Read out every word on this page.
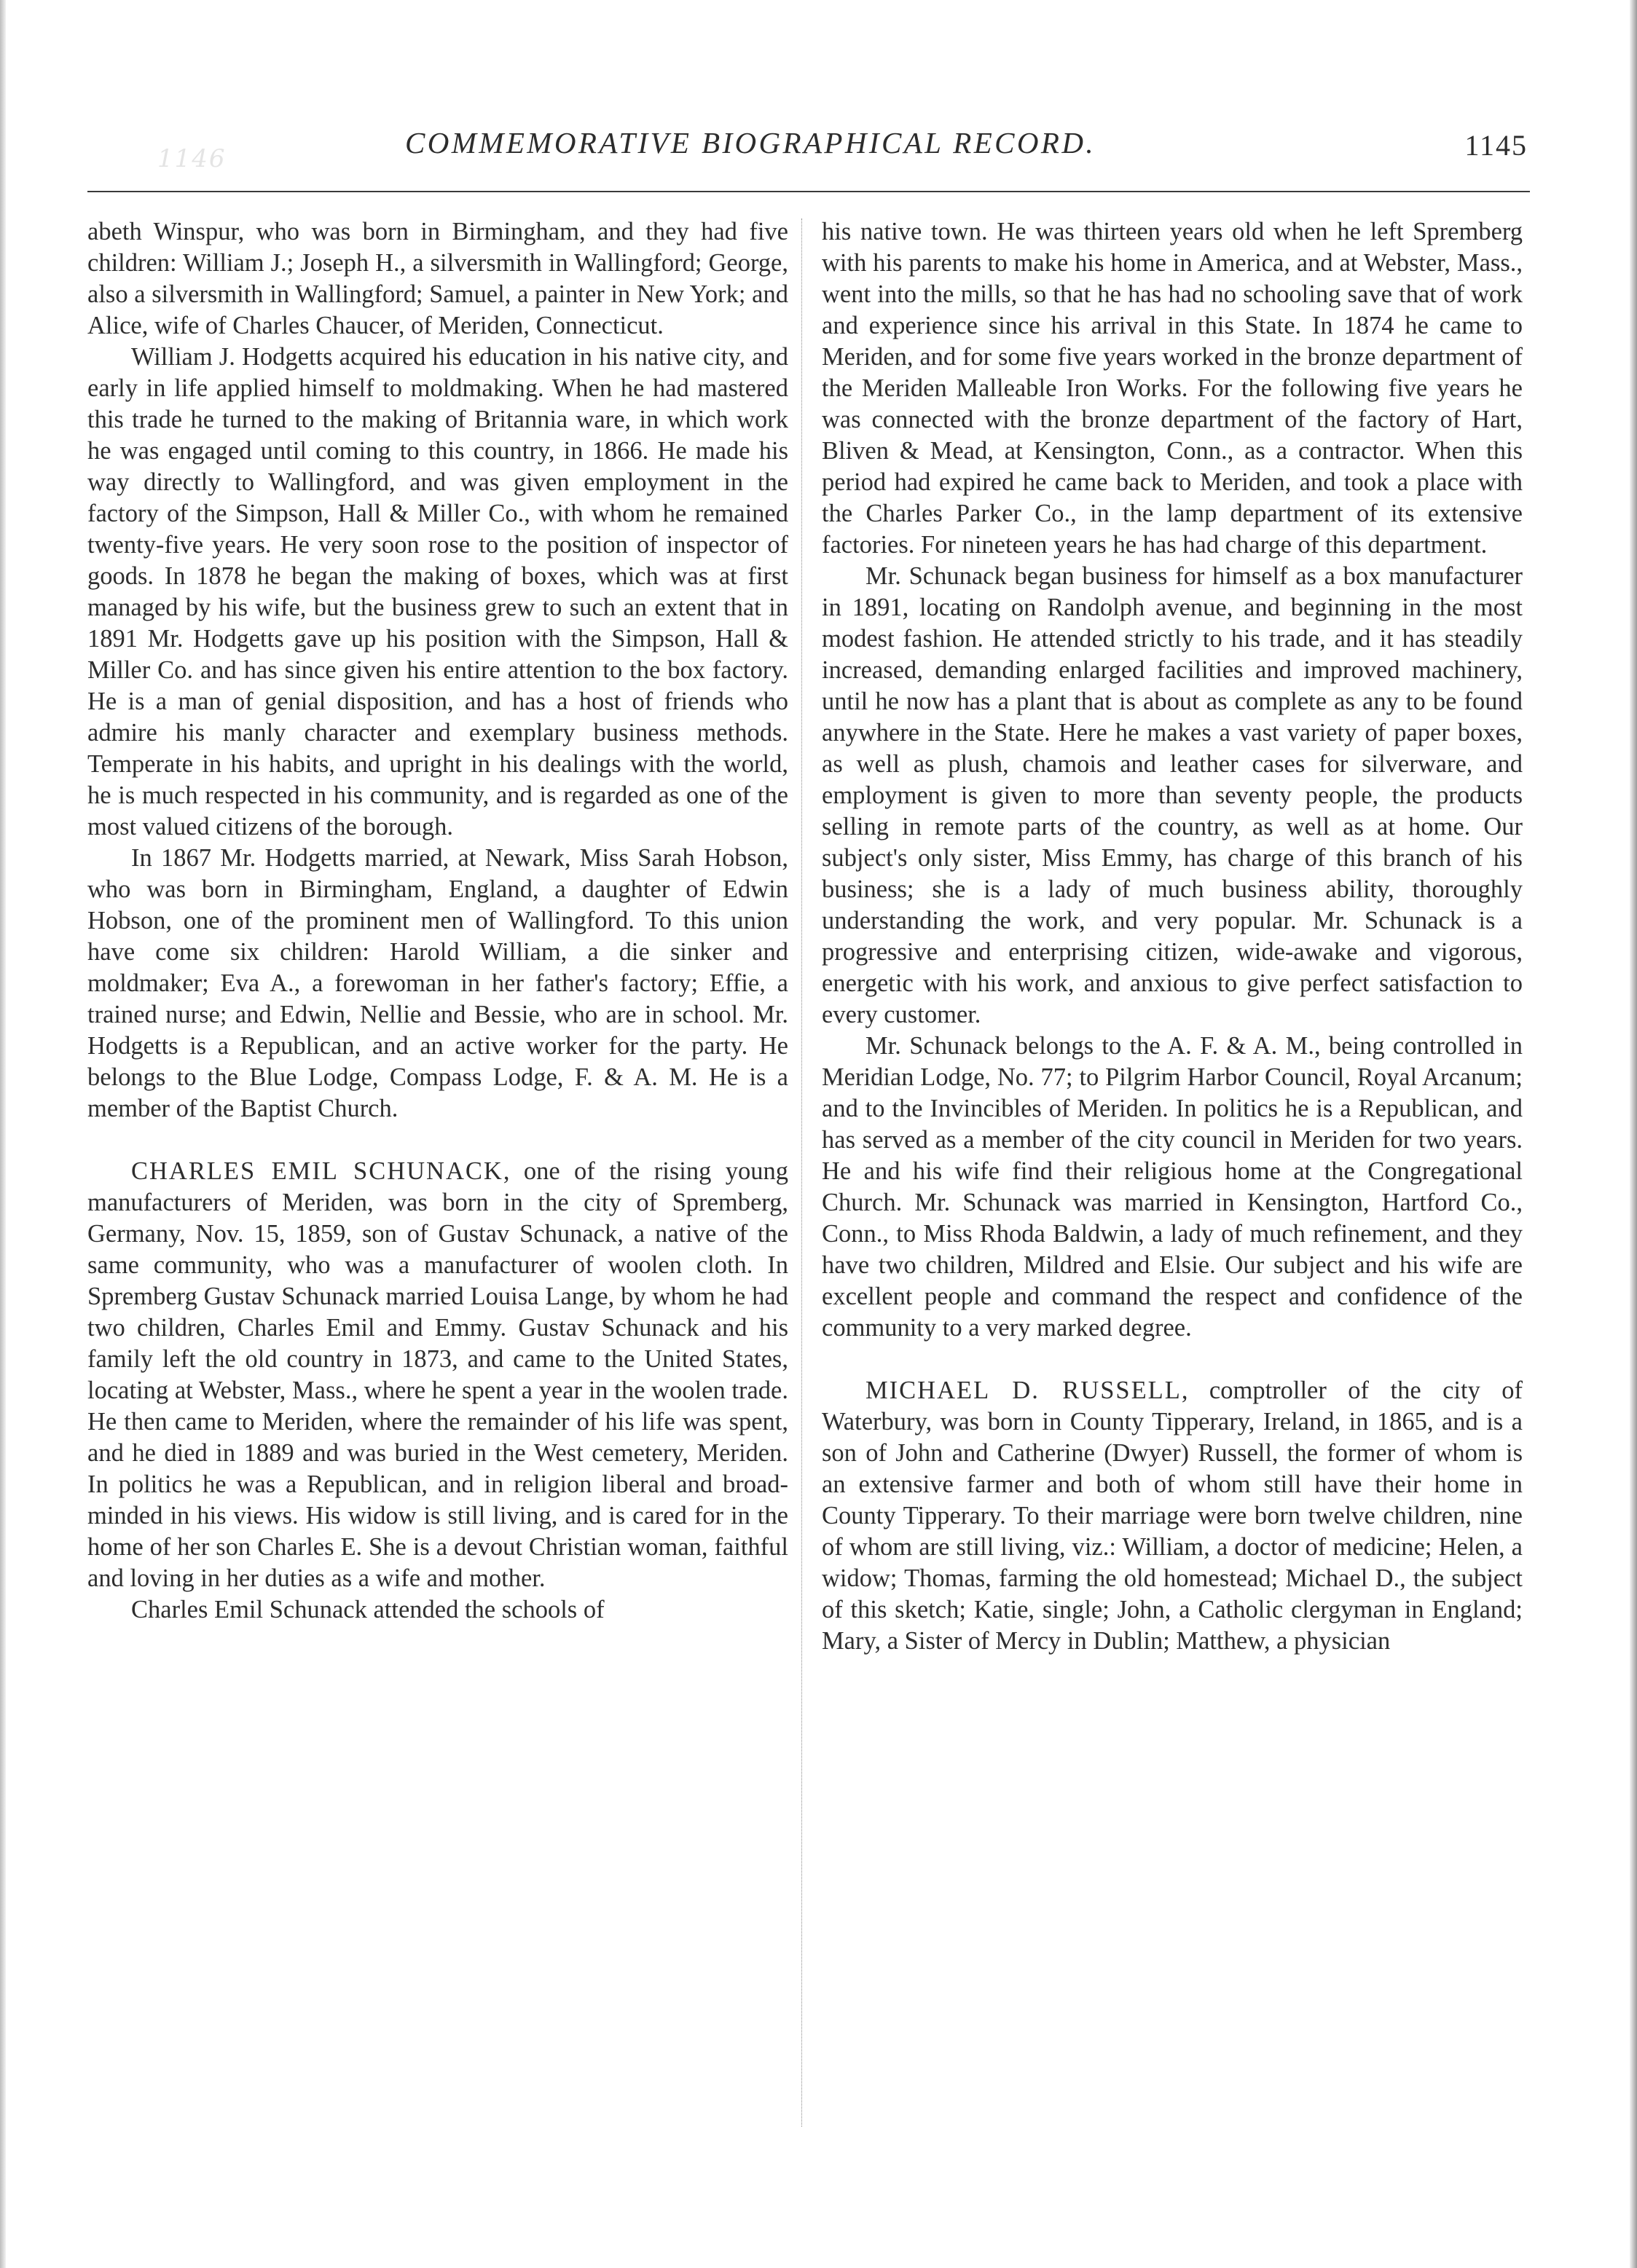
1146	COMMEMORATIVE BIOGRAPHICAL RECORD.	1145

abeth Winspur, who was born in Birmingham, and they had five children: William J.; Joseph H., a silversmith in Wallingford; George, also a silversmith in Wallingford; Samuel, a painter in New York; and Alice, wife of Charles Chaucer, of Meriden, Connecticut.

William J. Hodgetts acquired his education in his native city, and early in life applied himself to moldmaking. When he had mastered this trade he turned to the making of Britannia ware, in which work he was engaged until coming to this country, in 1866. He made his way directly to Wallingford, and was given employment in the factory of the Simpson, Hall & Miller Co., with whom he remained twenty-five years. He very soon rose to the position of inspector of goods. In 1878 he began the making of boxes, which was at first managed by his wife, but the business grew to such an extent that in 1891 Mr. Hodgetts gave up his position with the Simpson, Hall & Miller Co. and has since given his entire attention to the box factory. He is a man of genial disposition, and has a host of friends who admire his manly character and exemplary business methods. Temperate in his habits, and upright in his dealings with the world, he is much respected in his community, and is regarded as one of the most valued citizens of the borough.

In 1867 Mr. Hodgetts married, at Newark, Miss Sarah Hobson, who was born in Birmingham, England, a daughter of Edwin Hobson, one of the prominent men of Wallingford. To this union have come six children: Harold William, a die sinker and moldmaker; Eva A., a forewoman in her father's factory; Effie, a trained nurse; and Edwin, Nellie and Bessie, who are in school. Mr. Hodgetts is a Republican, and an active worker for the party. He belongs to the Blue Lodge, Compass Lodge, F. & A. M. He is a member of the Baptist Church.

CHARLES EMIL SCHUNACK, one of the rising young manufacturers of Meriden, was born in the city of Spremberg, Germany, Nov. 15, 1859, son of Gustav Schunack, a native of the same community, who was a manufacturer of woolen cloth. In Spremberg Gustav Schunack married Louisa Lange, by whom he had two children, Charles Emil and Emmy. Gustav Schunack and his family left the old country in 1873, and came to the United States, locating at Webster, Mass., where he spent a year in the woolen trade. He then came to Meriden, where the remainder of his life was spent, and he died in 1889 and was buried in the West cemetery, Meriden. In politics he was a Republican, and in religion liberal and broad-minded in his views. His widow is still living, and is cared for in the home of her son Charles E. She is a devout Christian woman, faithful and loving in her duties as a wife and mother.

Charles Emil Schunack attended the schools of

his native town. He was thirteen years old when he left Spremberg with his parents to make his home in America, and at Webster, Mass., went into the mills, so that he has had no schooling save that of work and experience since his arrival in this State. In 1874 he came to Meriden, and for some five years worked in the bronze department of the Meriden Malleable Iron Works. For the following five years he was connected with the bronze department of the factory of Hart, Bliven & Mead, at Kensington, Conn., as a contractor. When this period had expired he came back to Meriden, and took a place with the Charles Parker Co., in the lamp department of its extensive factories. For nineteen years he has had charge of this department.

Mr. Schunack began business for himself as a box manufacturer in 1891, locating on Randolph avenue, and beginning in the most modest fashion. He attended strictly to his trade, and it has steadily increased, demanding enlarged facilities and improved machinery, until he now has a plant that is about as complete as any to be found anywhere in the State. Here he makes a vast variety of paper boxes, as well as plush, chamois and leather cases for silverware, and employment is given to more than seventy people, the products selling in remote parts of the country, as well as at home. Our subject's only sister, Miss Emmy, has charge of this branch of his business; she is a lady of much business ability, thoroughly understanding the work, and very popular. Mr. Schunack is a progressive and enterprising citizen, wide-awake and vigorous, energetic with his work, and anxious to give perfect satisfaction to every customer.

Mr. Schunack belongs to the A. F. & A. M., being controlled in Meridian Lodge, No. 77; to Pilgrim Harbor Council, Royal Arcanum; and to the Invincibles of Meriden. In politics he is a Republican, and has served as a member of the city council in Meriden for two years. He and his wife find their religious home at the Congregational Church. Mr. Schunack was married in Kensington, Hartford Co., Conn., to Miss Rhoda Baldwin, a lady of much refinement, and they have two children, Mildred and Elsie. Our subject and his wife are excellent people and command the respect and confidence of the community to a very marked degree.

MICHAEL D. RUSSELL, comptroller of the city of Waterbury, was born in County Tipperary, Ireland, in 1865, and is a son of John and Catherine (Dwyer) Russell, the former of whom is an extensive farmer and both of whom still have their home in County Tipperary. To their marriage were born twelve children, nine of whom are still living, viz.: William, a doctor of medicine; Helen, a widow; Thomas, farming the old homestead; Michael D., the subject of this sketch; Katie, single; John, a Catholic clergyman in England; Mary, a Sister of Mercy in Dublin; Matthew, a physician
